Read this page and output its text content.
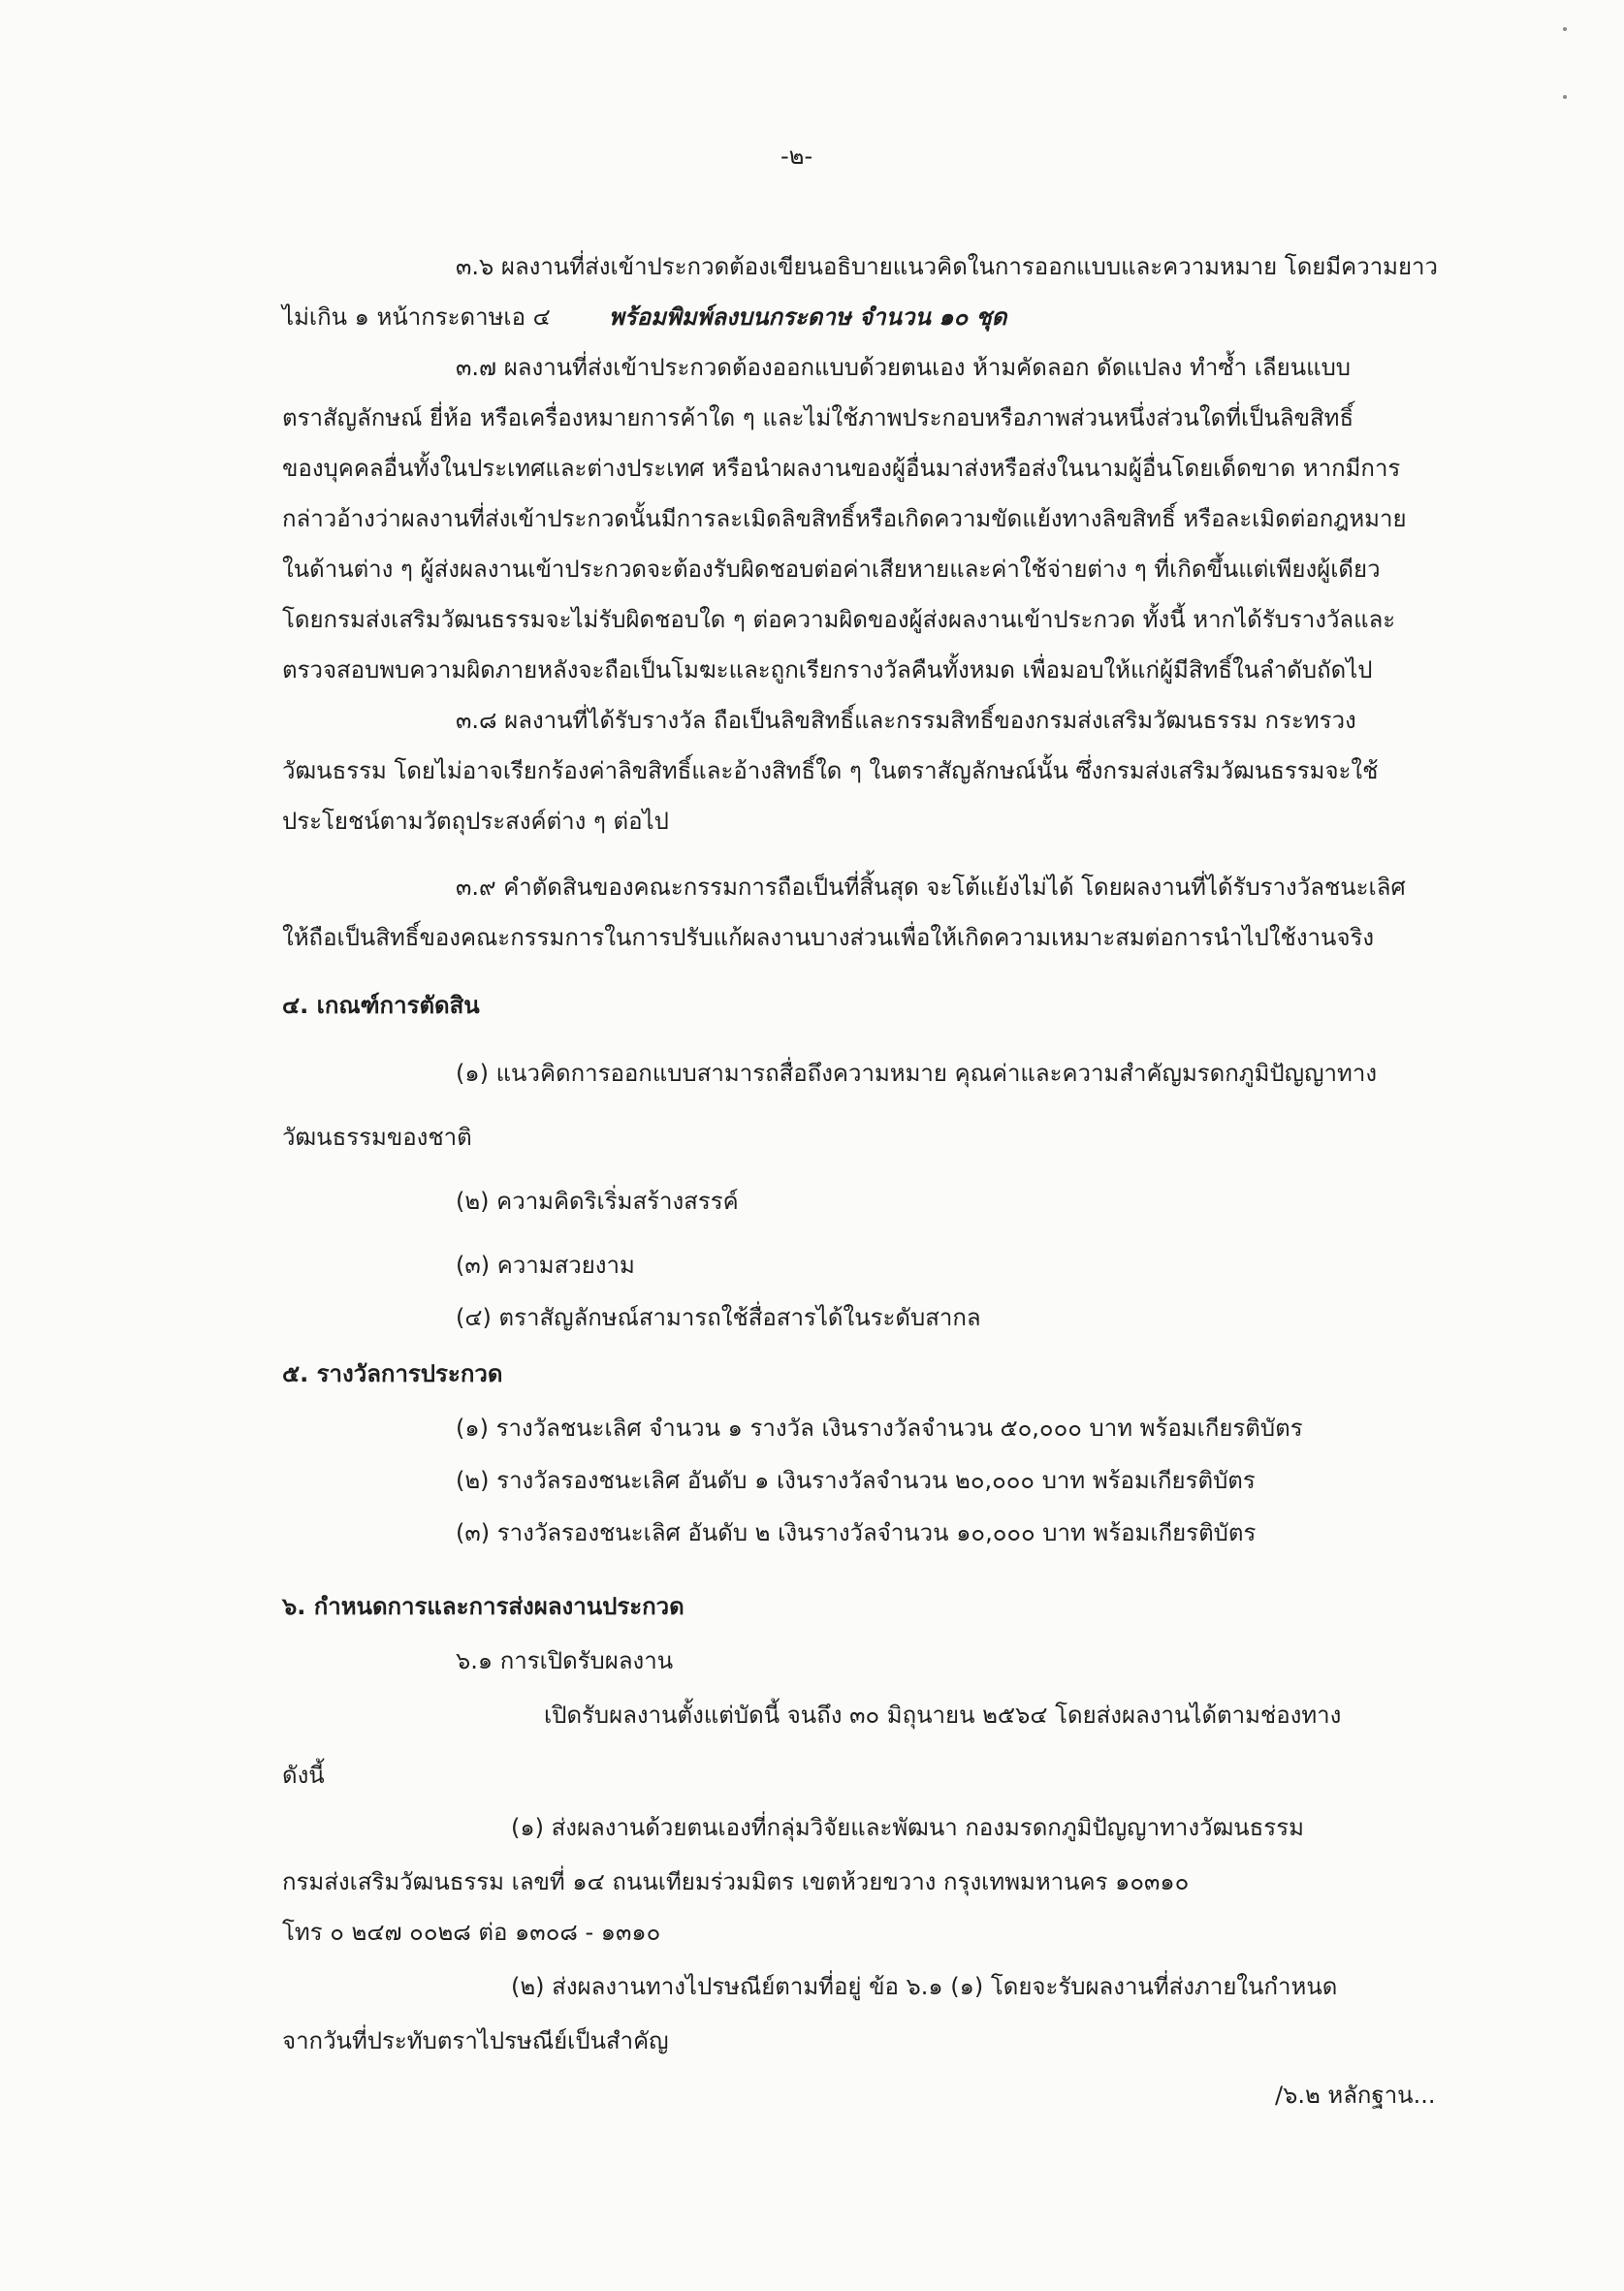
-๒-
๓.๖ ผลงานที่ส่งเข้าประกวดต้องเขียนอธิบายแนวคิดในการออกแบบและความหมาย โดยมีความยาว
ไม่เกิน ๑ หน้ากระดาษเอ ๔	พร้อมพิมพ์ลงบนกระดาษ จำนวน ๑๐ ชุด
๓.๗ ผลงานที่ส่งเข้าประกวดต้องออกแบบด้วยตนเอง ห้ามคัดลอก ดัดแปลง ทำซ้ำ เลียนแบบ
ตราสัญลักษณ์ ยี่ห้อ หรือเครื่องหมายการค้าใด ๆ และไม่ใช้ภาพประกอบหรือภาพส่วนหนึ่งส่วนใดที่เป็นลิขสิทธิ์
ของบุคคลอื่นทั้งในประเทศและต่างประเทศ หรือนำผลงานของผู้อื่นมาส่งหรือส่งในนามผู้อื่นโดยเด็ดขาด หากมีการ
กล่าวอ้างว่าผลงานที่ส่งเข้าประกวดนั้นมีการละเมิดลิขสิทธิ์หรือเกิดความขัดแย้งทางลิขสิทธิ์ หรือละเมิดต่อกฎหมาย
ในด้านต่าง ๆ ผู้ส่งผลงานเข้าประกวดจะต้องรับผิดชอบต่อค่าเสียหายและค่าใช้จ่ายต่าง ๆ ที่เกิดขึ้นแต่เพียงผู้เดียว
โดยกรมส่งเสริมวัฒนธรรมจะไม่รับผิดชอบใด ๆ ต่อความผิดของผู้ส่งผลงานเข้าประกวด ทั้งนี้ หากได้รับรางวัลและ
ตรวจสอบพบความผิดภายหลังจะถือเป็นโมฆะและถูกเรียกรางวัลคืนทั้งหมด เพื่อมอบให้แก่ผู้มีสิทธิ์ในลำดับถัดไป
๓.๘ ผลงานที่ได้รับรางวัล ถือเป็นลิขสิทธิ์และกรรมสิทธิ์ของกรมส่งเสริมวัฒนธรรม กระทรวง
วัฒนธรรม โดยไม่อาจเรียกร้องค่าลิขสิทธิ์และอ้างสิทธิ์ใด ๆ ในตราสัญลักษณ์นั้น ซึ่งกรมส่งเสริมวัฒนธรรมจะใช้
ประโยชน์ตามวัตถุประสงค์ต่าง ๆ ต่อไป
๓.๙ คำตัดสินของคณะกรรมการถือเป็นที่สิ้นสุด จะโต้แย้งไม่ได้ โดยผลงานที่ได้รับรางวัลชนะเลิศ
ให้ถือเป็นสิทธิ์ของคณะกรรมการในการปรับแก้ผลงานบางส่วนเพื่อให้เกิดความเหมาะสมต่อการนำไปใช้งานจริง
๔. เกณฑ์การตัดสิน
(๑) แนวคิดการออกแบบสามารถสื่อถึงความหมาย คุณค่าและความสำคัญมรดกภูมิปัญญาทาง
วัฒนธรรมของชาติ
(๒) ความคิดริเริ่มสร้างสรรค์
(๓) ความสวยงาม
(๔) ตราสัญลักษณ์สามารถใช้สื่อสารได้ในระดับสากล
๕. รางวัลการประกวด
(๑) รางวัลชนะเลิศ จำนวน ๑ รางวัล เงินรางวัลจำนวน ๕๐,๐๐๐ บาท พร้อมเกียรติบัตร
(๒) รางวัลรองชนะเลิศ อันดับ ๑ เงินรางวัลจำนวน ๒๐,๐๐๐ บาท พร้อมเกียรติบัตร
(๓) รางวัลรองชนะเลิศ อันดับ ๒ เงินรางวัลจำนวน ๑๐,๐๐๐ บาท พร้อมเกียรติบัตร
๖. กำหนดการและการส่งผลงานประกวด
๖.๑ การเปิดรับผลงาน
เปิดรับผลงานตั้งแต่บัดนี้ จนถึง ๓๐ มิถุนายน ๒๕๖๔ โดยส่งผลงานได้ตามช่องทาง
ดังนี้
(๑) ส่งผลงานด้วยตนเองที่กลุ่มวิจัยและพัฒนา กองมรดกภูมิปัญญาทางวัฒนธรรม
กรมส่งเสริมวัฒนธรรม เลขที่ ๑๔ ถนนเทียมร่วมมิตร เขตห้วยขวาง กรุงเทพมหานคร ๑๐๓๑๐
โทร ๐ ๒๔๗ ๐๐๒๘ ต่อ ๑๓๐๘ - ๑๓๑๐
(๒) ส่งผลงานทางไปรษณีย์ตามที่อยู่ ข้อ ๖.๑ (๑) โดยจะรับผลงานที่ส่งภายในกำหนด
จากวันที่ประทับตราไปรษณีย์เป็นสำคัญ
/๖.๒ หลักฐาน...
